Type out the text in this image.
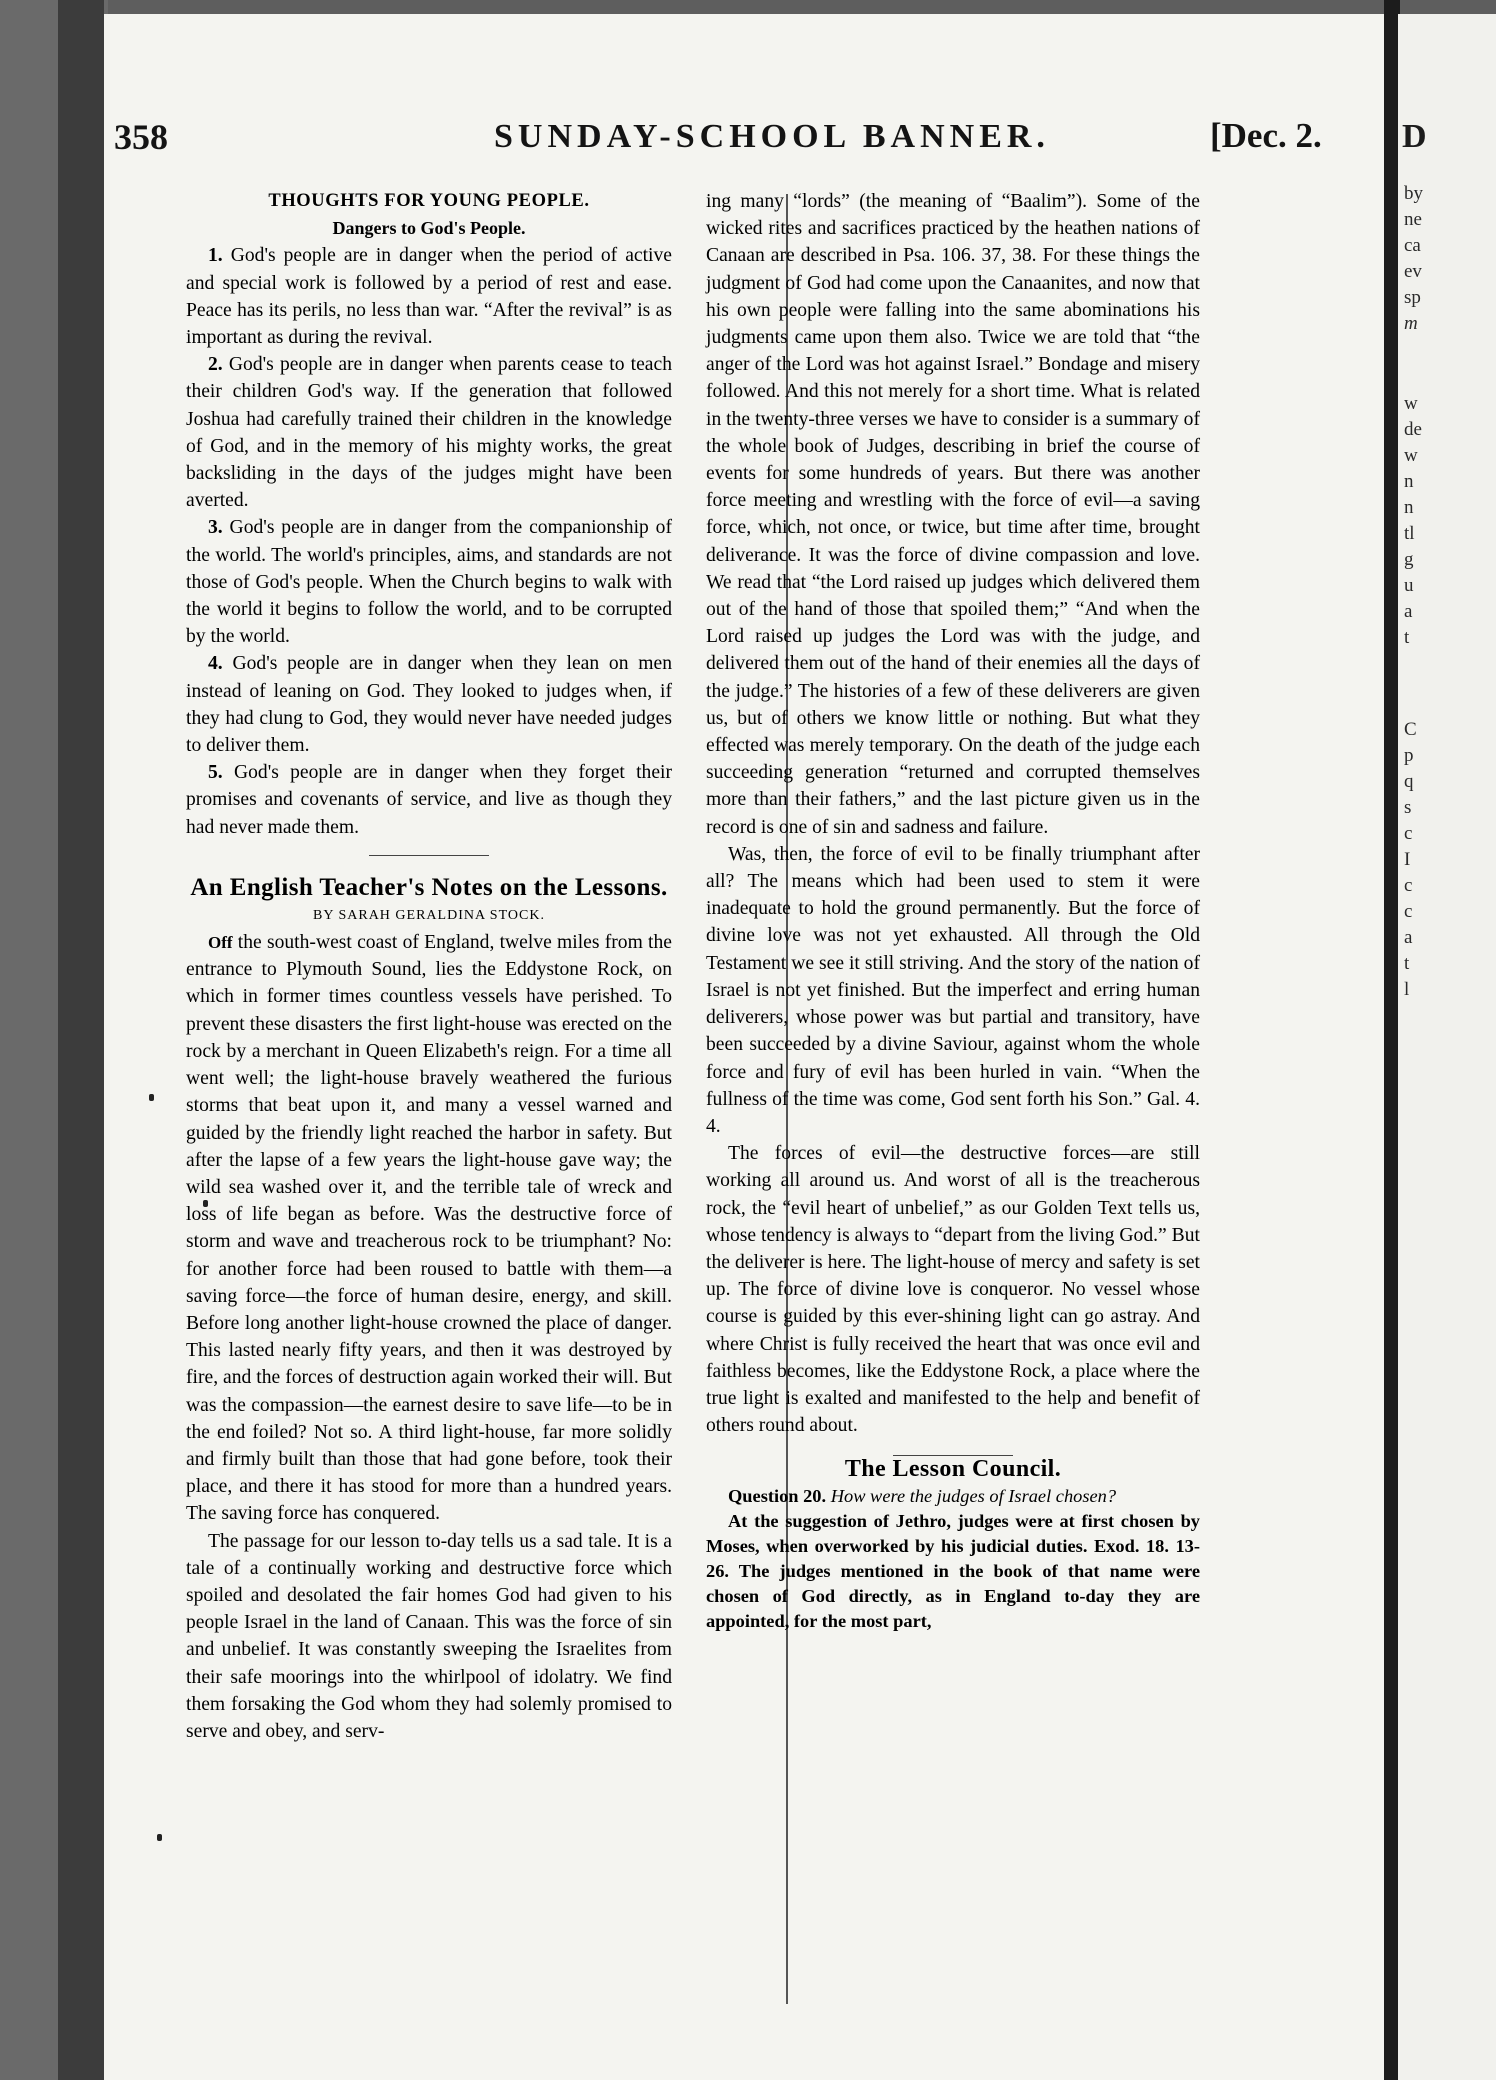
358	SUNDAY-SCHOOL BANNER.	[Dec. 2. D
by
ne
ca
ev
sp
m
w
de
w
n
n
tl
g
u
a
t
C
p
q
s
c
I
c
c
a
t
l

THOUGHTS FOR YOUNG PEOPLE.

Dangers to God's People.

1. God's people are in danger when the period of active and special work is followed by a period of rest and ease. Peace has its perils, no less than war. “After the revival” is as important as during the revival.

2. God's people are in danger when parents cease to teach their children God's way. If the generation that followed Joshua had carefully trained their children in the knowledge of God, and in the memory of his mighty works, the great backsliding in the days of the judges might have been averted.

3. God's people are in danger from the companionship of the world. The world's principles, aims, and standards are not those of God's people. When the Church begins to walk with the world it begins to follow the world, and to be corrupted by the world.

4. God's people are in danger when they lean on men instead of leaning on God. They looked to judges when, if they had clung to God, they would never have needed judges to deliver them.

5. God's people are in danger when they forget their promises and covenants of service, and live as though they had never made them.

An English Teacher's Notes on the Lessons.

BY SARAH GERALDINA STOCK.

Off the south-west coast of England, twelve miles from the entrance to Plymouth Sound, lies the Eddystone Rock, on which in former times countless vessels have perished. To prevent these disasters the first light-house was erected on the rock by a merchant in Queen Elizabeth's reign. For a time all went well; the light-house bravely weathered the furious storms that beat upon it, and many a vessel warned and guided by the friendly light reached the harbor in safety. But after the lapse of a few years the light-house gave way; the wild sea washed over it, and the terrible tale of wreck and loss of life began as before. Was the destructive force of storm and wave and treacherous rock to be triumphant? No: for another force had been roused to battle with them—a saving force—the force of human desire, energy, and skill. Before long another light-house crowned the place of danger. This lasted nearly fifty years, and then it was destroyed by fire, and the forces of destruction again worked their will. But was the compassion—the earnest desire to save life—to be in the end foiled? Not so. A third light-house, far more solidly and firmly built than those that had gone before, took their place, and there it has stood for more than a hundred years. The saving force has conquered.

The passage for our lesson to-day tells us a sad tale. It is a tale of a continually working and destructive force which spoiled and desolated the fair homes God had given to his people Israel in the land of Canaan. This was the force of sin and unbelief. It was constantly sweeping the Israelites from their safe moorings into the whirlpool of idolatry. We find them forsaking the God whom they had solemly promised to serve and obey, and serv-

ing many “lords” (the meaning of “Baalim”). Some of the wicked rites and sacrifices practiced by the heathen nations of Canaan are described in Psa. 106. 37, 38. For these things the judgment of God had come upon the Canaanites, and now that his own people were falling into the same abominations his judgments came upon them also. Twice we are told that “the anger of the Lord was hot against Israel.” Bondage and misery followed. And this not merely for a short time. What is related in the twenty-three verses we have to consider is a summary of the whole book of Judges, describing in brief the course of events for some hundreds of years. But there was another force meeting and wrestling with the force of evil—a saving force, which, not once, or twice, but time after time, brought deliverance. It was the force of divine compassion and love. We read that “the Lord raised up judges which delivered them out of the hand of those that spoiled them;” “And when the Lord raised up judges the Lord was with the judge, and delivered them out of the hand of their enemies all the days of the judge.” The histories of a few of these deliverers are given us, but of others we know little or nothing. But what they effected was merely temporary. On the death of the judge each succeeding generation “returned and corrupted themselves more than their fathers,” and the last picture given us in the record is one of sin and sadness and failure.

Was, then, the force of evil to be finally triumphant after all? The means which had been used to stem it were inadequate to hold the ground permanently. But the force of divine love was not yet exhausted. All through the Old Testament we see it still striving. And the story of the nation of Israel is not yet finished. But the imperfect and erring human deliverers, whose power was but partial and transitory, have been succeeded by a divine Saviour, against whom the whole force and fury of evil has been hurled in vain. “When the fullness of the time was come, God sent forth his Son.” Gal. 4. 4.

The forces of evil—the destructive forces—are still working all around us. And worst of all is the treacherous rock, the “evil heart of unbelief,” as our Golden Text tells us, whose tendency is always to “depart from the living God.” But the deliverer is here. The light-house of mercy and safety is set up. The force of divine love is conqueror. No vessel whose course is guided by this ever-shining light can go astray. And where Christ is fully received the heart that was once evil and faithless becomes, like the Eddystone Rock, a place where the true light is exalted and manifested to the help and benefit of others round about.

The Lesson Council.

Question 20. How were the judges of Israel chosen?

At the suggestion of Jethro, judges were at first chosen by Moses, when overworked by his judicial duties. Exod. 18. 13-26. The judges mentioned in the book of that name were chosen of God directly, as in England to-day they are appointed, for the most part,
